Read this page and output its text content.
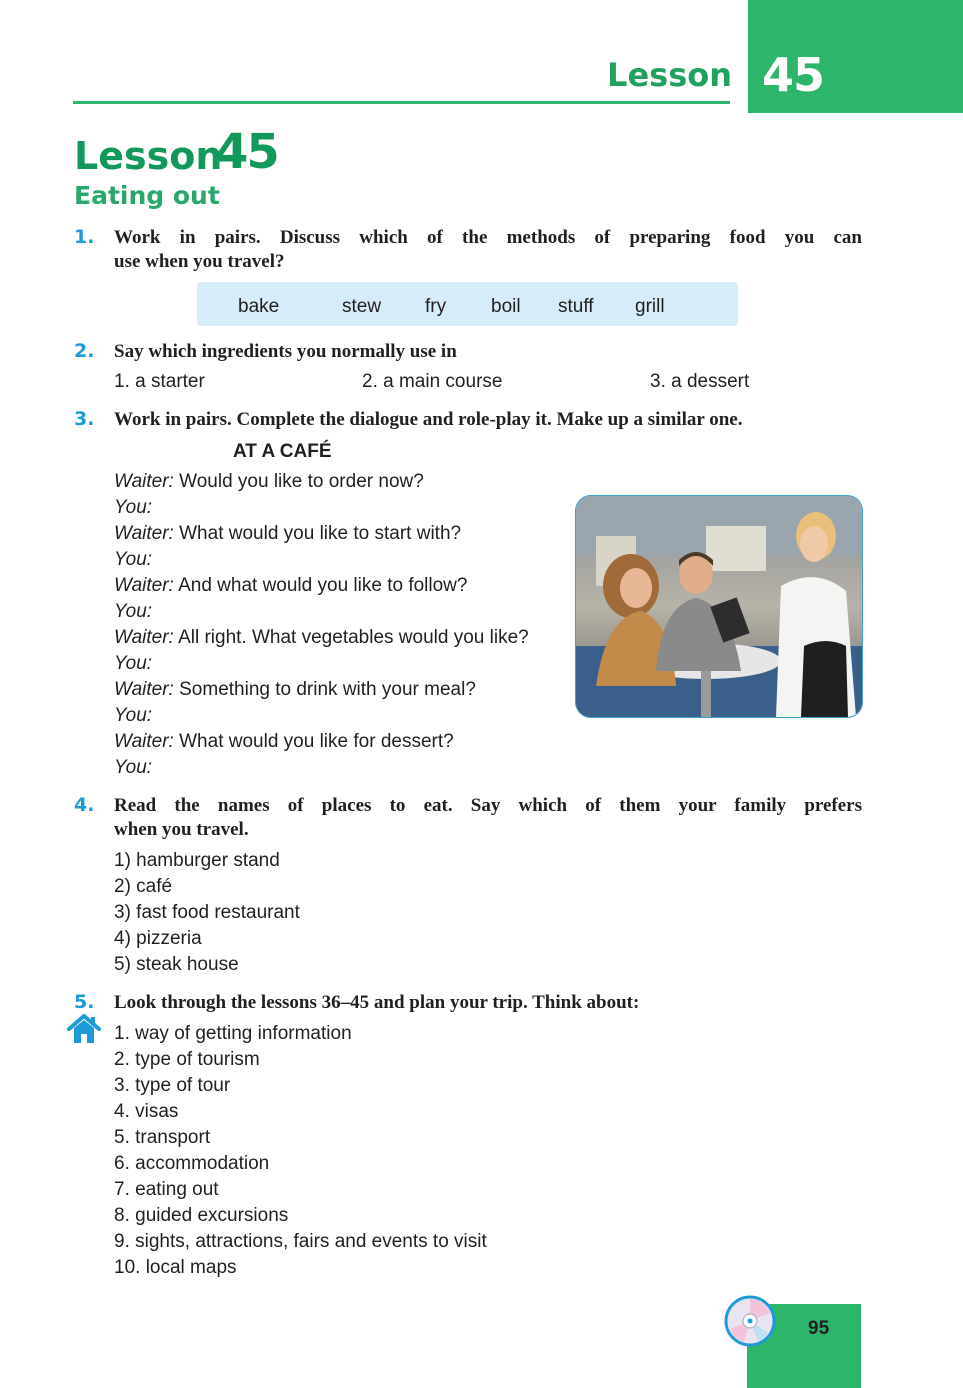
Lesson 45
Lesson
45
Eating out
1. Work in pairs. Discuss which of the methods of preparing food you can
use when you travel?
bake	stew fry boil stuff grill
2. Say which ingredients you normally use in
1. a starter	2. a main course	3. a dessert
3. Work in pairs. Complete the dialogue and role-play it. Make up a similar one.
AT A CAFÉ
Waiter: Would you like to order now?
You:
Waiter: What would you like to start with?
You:
Waiter: And what would you like to follow?
You:
Waiter: All right. What vegetables would you like?
You:
Waiter: Something to drink with your meal?
You:
Waiter: What would you like for dessert?
You:
4. Read the names of places to eat. Say which of them your family prefers
when you travel.
1) hamburger stand
2) café
3) fast food restaurant
4) pizzeria
5) steak house
5. Look through the lessons 36–45 and plan your trip. Think about:
1. way of getting information
2. type of tourism
3. type of tour
4. visas
5. transport
6. accommodation
7. eating out
8. guided excursions
9. sights, attractions, fairs and events to visit
10. local maps
95
